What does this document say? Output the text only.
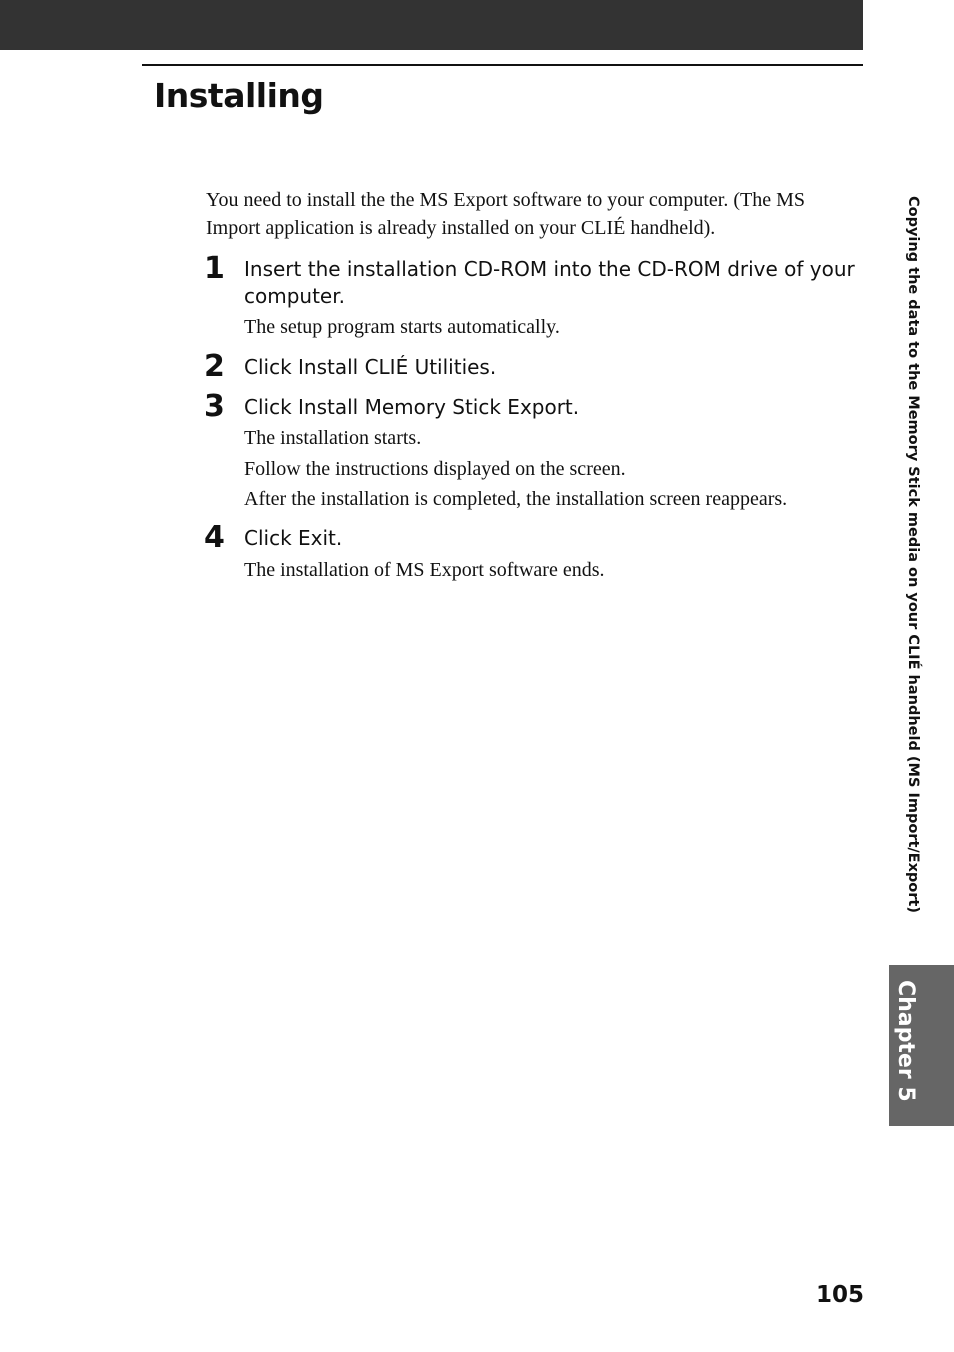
Installing

You need to install the the MS Export software to your computer. (The MS Import application is already installed on your CLIÉ handheld).

1 Insert the installation CD-ROM into the CD-ROM drive of your computer.

The setup program starts automatically.

2 Click Install CLIÉ Utilities.

3 Click Install Memory Stick Export.

The installation starts.

Follow the instructions displayed on the screen.

After the installation is completed, the installation screen reappears.

4 Click Exit.

The installation of MS Export software ends.	Copying the data to the Memory Stick media on your CLIÉ handheld (MS Import/Export)
Chapter 5
105
